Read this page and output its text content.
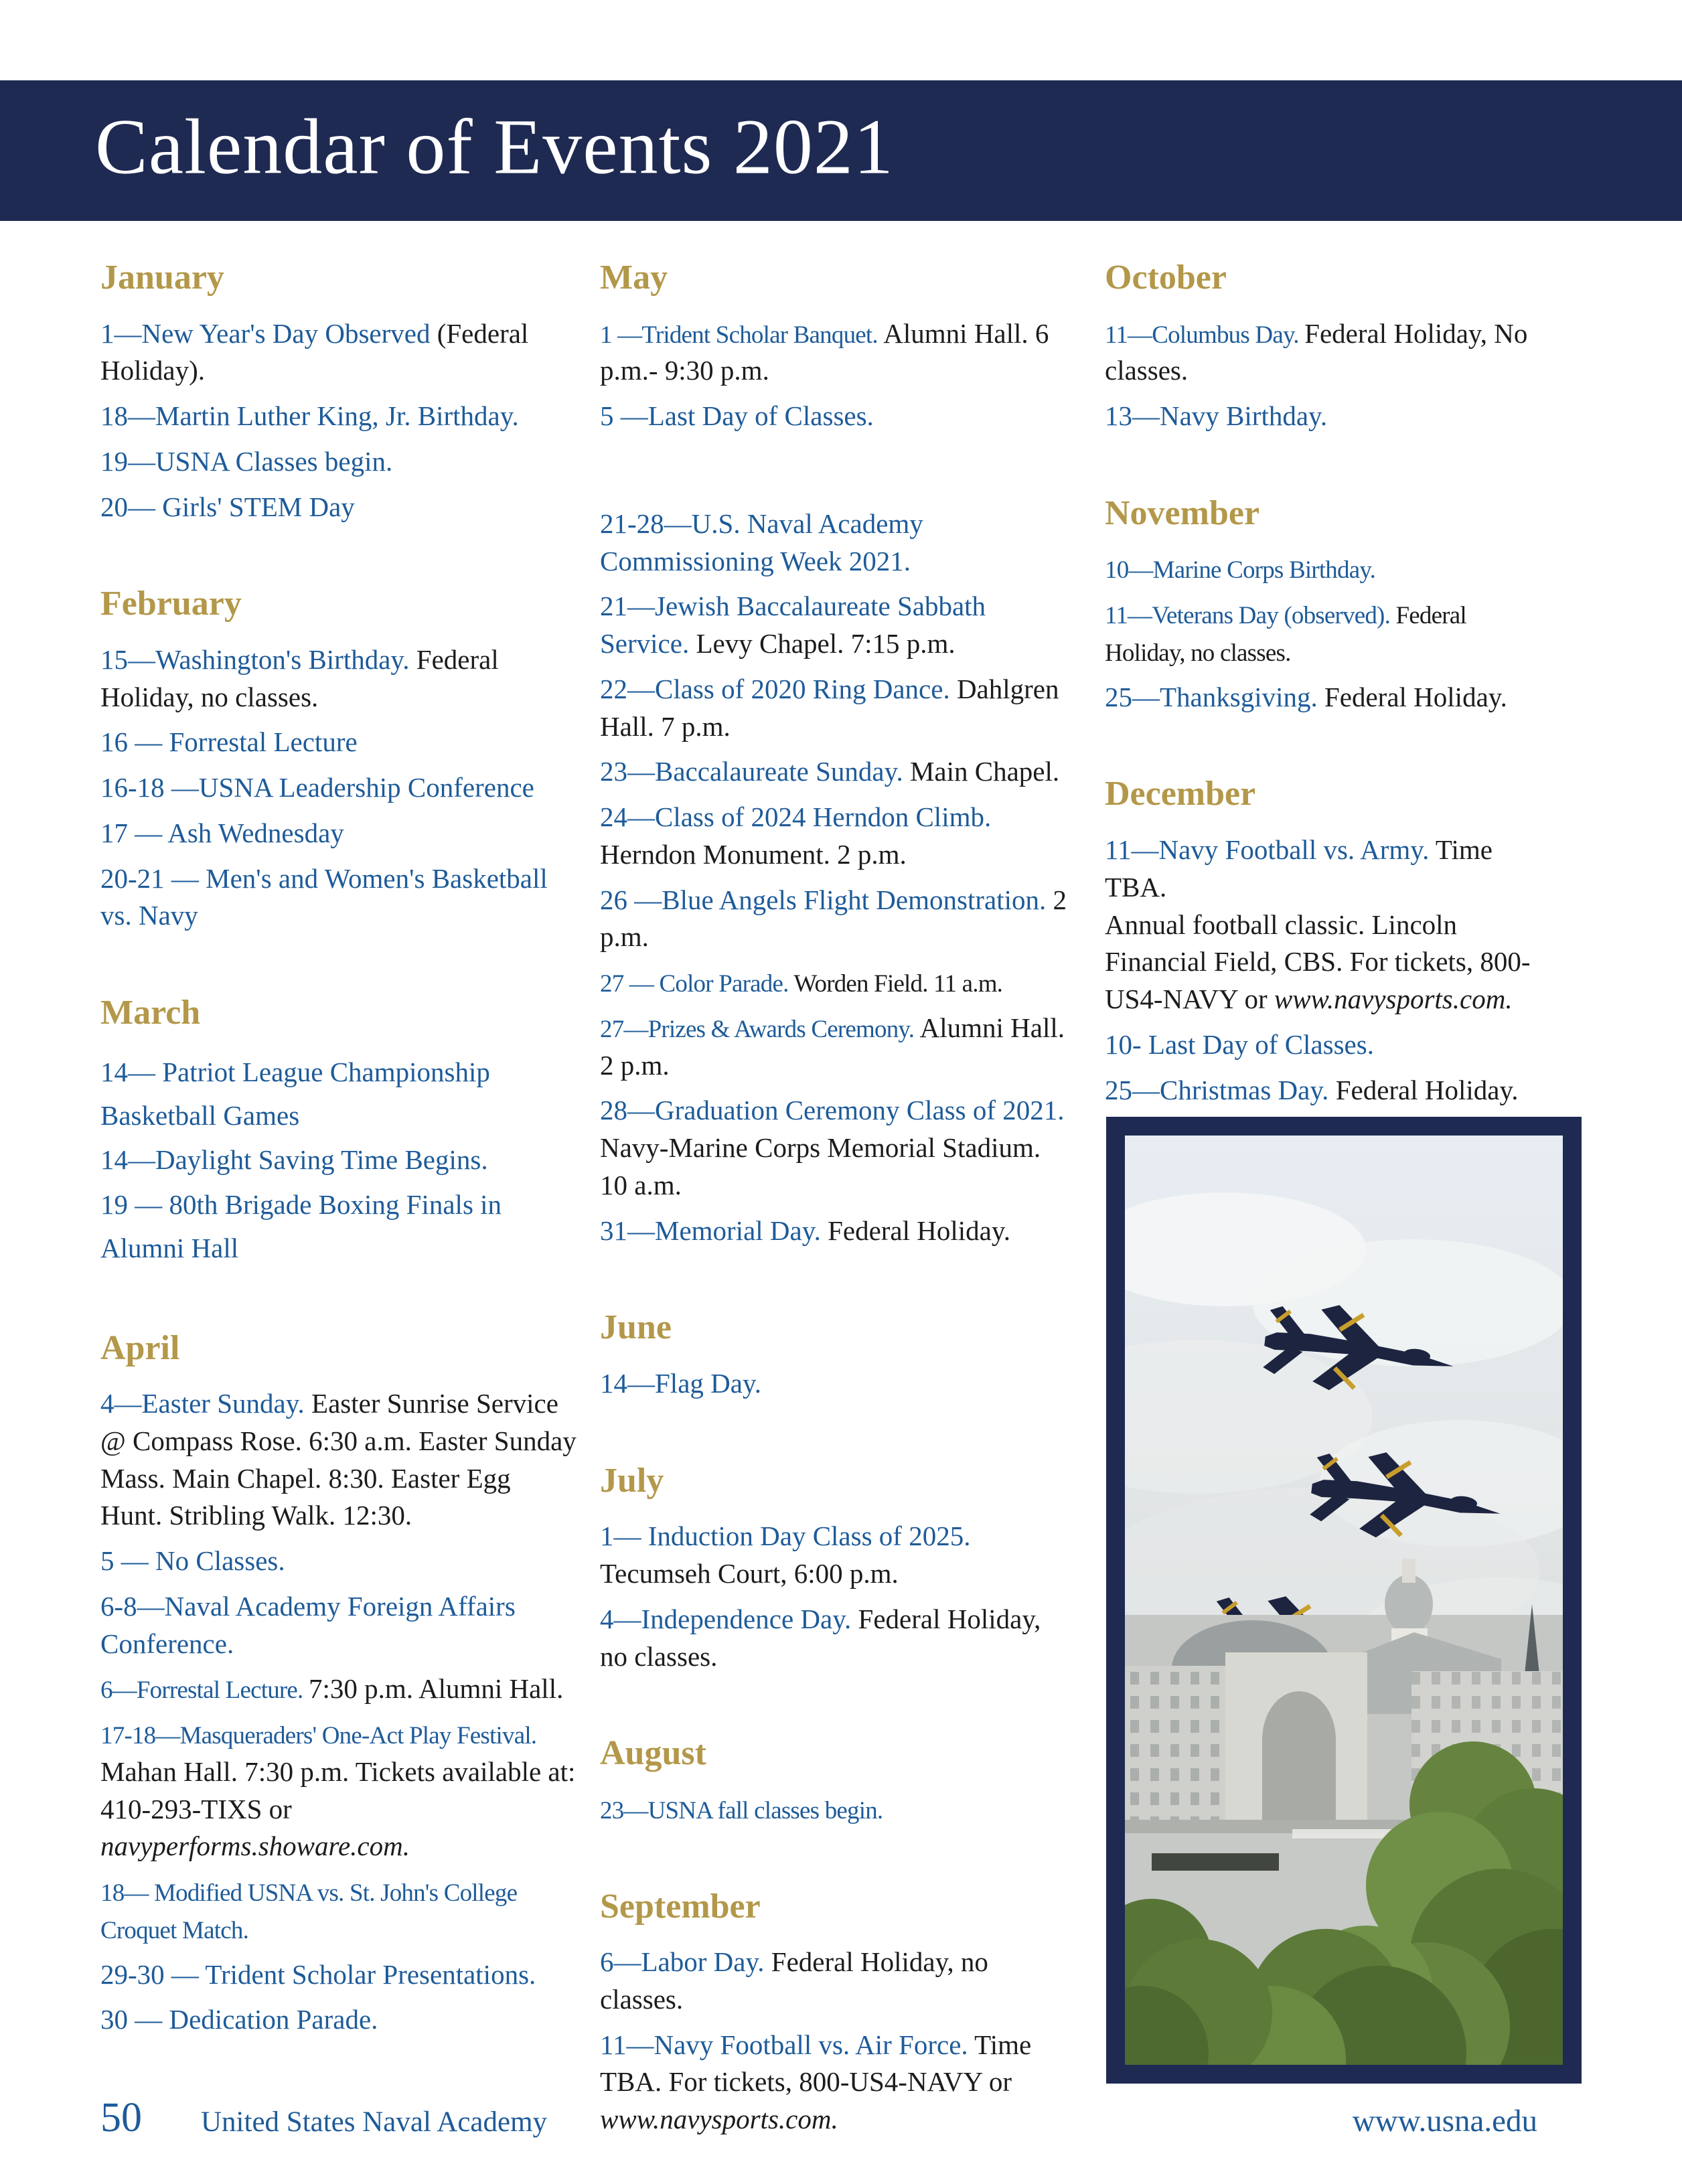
Calendar of Events 2021
January

1—New Year's Day Observed (Federal Holiday).

18—Martin Luther King, Jr. Birthday.

19—USNA Classes begin.

20— Girls' STEM Day

February

15—Washington's Birthday. Federal Holiday, no classes.

16 — Forrestal Lecture

16-18 —USNA Leadership Conference

17 — Ash Wednesday

20-21 — Men's and Women's Basketball vs. Navy

March

14— Patriot League Championship Basketball Games

14—Daylight Saving Time Begins.

19 — 80th Brigade Boxing Finals in Alumni Hall

April

4—Easter Sunday. Easter Sunrise Service @ Compass Rose. 6:30 a.m. Easter Sunday Mass. Main Chapel. 8:30. Easter Egg Hunt. Stribling Walk. 12:30.

5 — No Classes.

6-8—Naval Academy Foreign Affairs Conference.

6—Forrestal Lecture. 7:30 p.m. Alumni Hall.

17-18—Masqueraders' One-Act Play Festival. Mahan Hall. 7:30 p.m. Tickets available at: 410-293-TIXS or navyperforms.showare.com.

18— Modified USNA vs. St. John's College Croquet Match.

29-30 — Trident Scholar Presentations.

30 — Dedication Parade.

May

1 —Trident Scholar Banquet. Alumni Hall. 6 p.m.- 9:30 p.m.

5 —Last Day of Classes.

21-28—U.S. Naval Academy Commissioning Week 2021.

21—Jewish Baccalaureate Sabbath Service. Levy Chapel. 7:15 p.m.

22—Class of 2020 Ring Dance. Dahlgren Hall. 7 p.m.

23—Baccalaureate Sunday. Main Chapel.

24—Class of 2024 Herndon Climb. Herndon Monument. 2 p.m.

26 —Blue Angels Flight Demonstration. 2 p.m.

27 — Color Parade. Worden Field. 11 a.m.

27—Prizes & Awards Ceremony. Alumni Hall. 2 p.m.

28—Graduation Ceremony Class of 2021. Navy-Marine Corps Memorial Stadium. 10 a.m.

31—Memorial Day. Federal Holiday.

June

14—Flag Day.

July

1— Induction Day Class of 2025. Tecumseh Court, 6:00 p.m.

4—Independence Day. Federal Holiday, no classes.

August

23—USNA fall classes begin.

September

6—Labor Day. Federal Holiday, no classes.

11—Navy Football vs. Air Force. Time TBA. For tickets, 800-US4-NAVY or www.navysports.com.

October

11—Columbus Day. Federal Holiday, No classes.

13—Navy Birthday.

November

10—Marine Corps Birthday.

11—Veterans Day (observed). Federal Holiday, no classes.

25—Thanksgiving. Federal Holiday.

December

11—Navy Football vs. Army. Time TBA.
Annual football classic. Lincoln Financial Field, CBS. For tickets, 800-US4-NAVY or www.navysports.com.

10- Last Day of Classes.

25—Christmas Day. Federal Holiday.

50 United States Naval Academy	www.usna.edu
